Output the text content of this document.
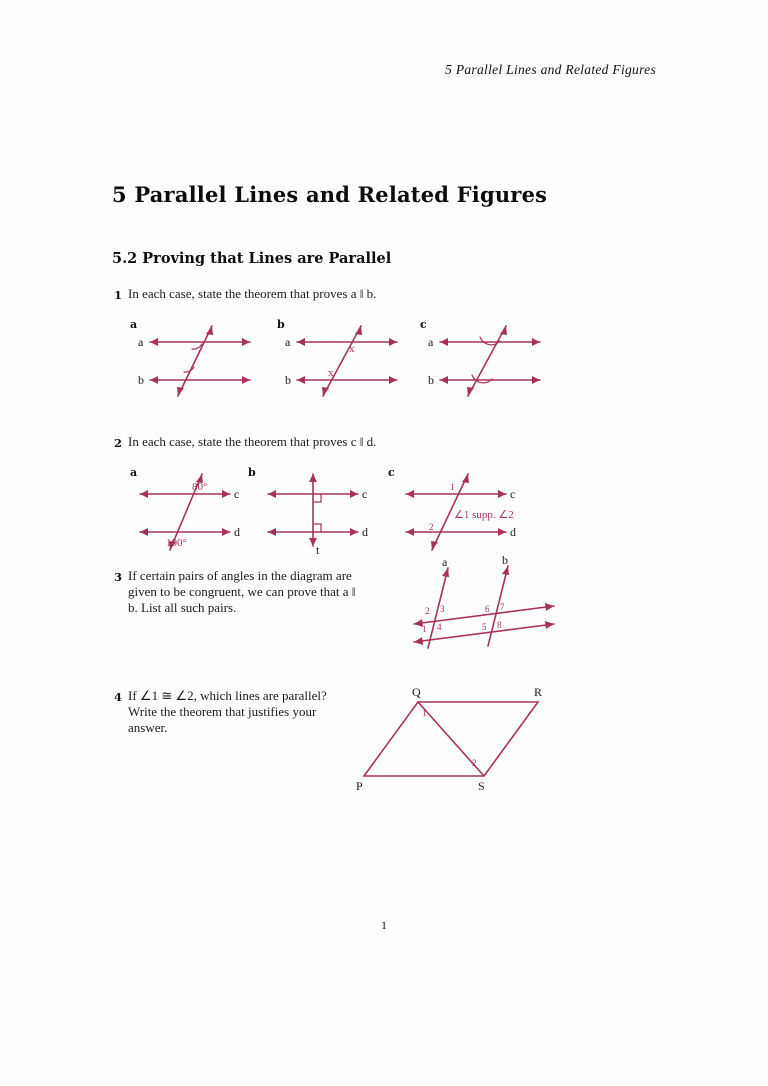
5 Parallel Lines and Related Figures
5 Parallel Lines and Related Figures
5.2 Proving that Lines are Parallel
1 In each case, state the theorem that proves a ‖ b.
a	b	c
a
b
x
x
a
b
a
b
2 In each case, state the theorem that proves c ‖ d.
a	b	c
80°
100°
c
d
c
d
t
1
2
∠1 supp. ∠2
c
d
3 If certain pairs of angles in the diagram are given to be congruent, we can prove that a ‖ b. List all such pairs.
a	b
2 3
1 4
6 7
5 8
4 If ∠1 ≅ ∠2, which lines are parallel? Write the theorem that justifies your answer.
Q	R
P	S
1
2
1
